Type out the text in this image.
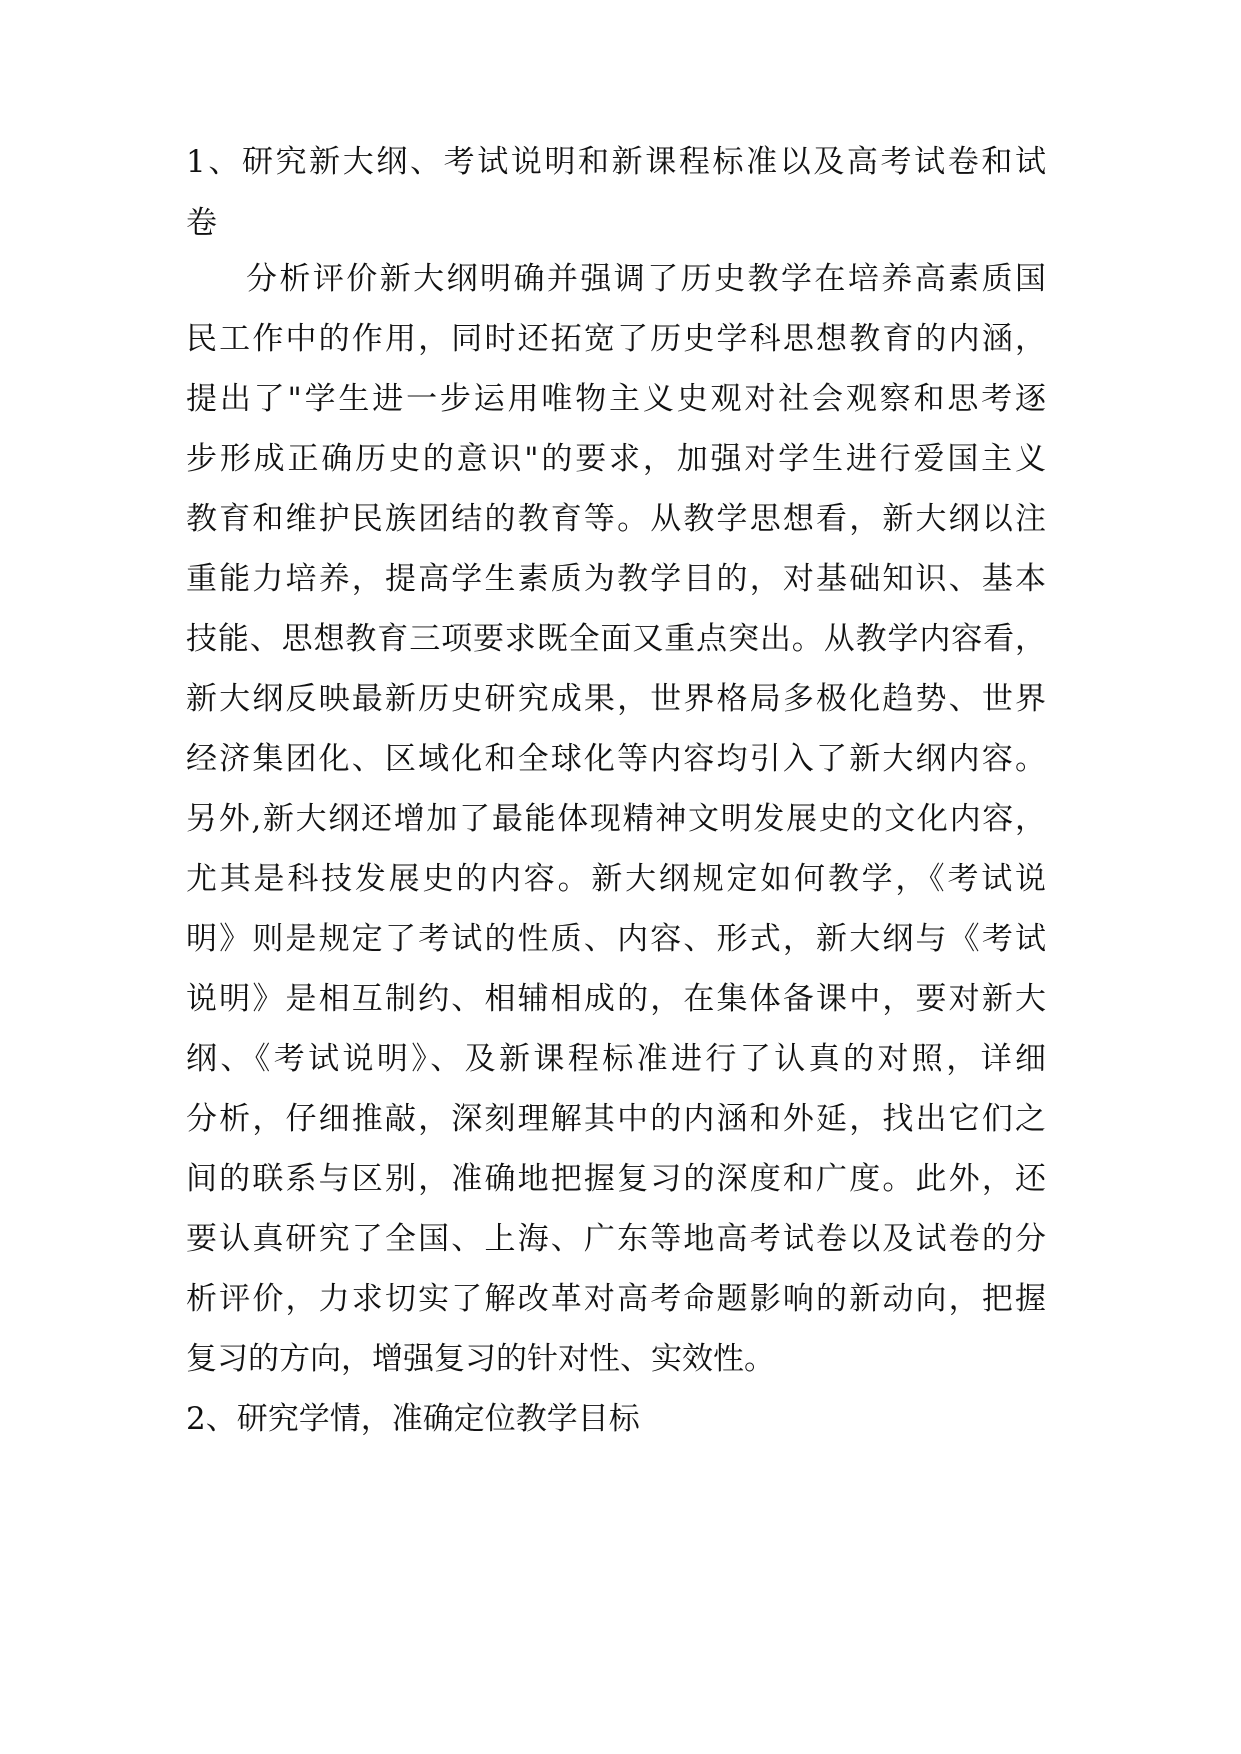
1、研究新大纲、考试说明和新课程标准以及高考试卷和试

卷

分析评价新大纲明确并强调了历史教学在培养高素质国

民工作中的作用，同时还拓宽了历史学科思想教育的内涵，

提出了"学生进一步运用唯物主义史观对社会观察和思考逐

步形成正确历史的意识"的要求，加强对学生进行爱国主义

教育和维护民族团结的教育等。从教学思想看，新大纲以注

重能力培养，提高学生素质为教学目的，对基础知识、基本

技能、思想教育三项要求既全面又重点突出。从教学内容看，

新大纲反映最新历史研究成果，世界格局多极化趋势、世界

经济集团化、区域化和全球化等内容均引入了新大纲内容。

另外,新大纲还增加了最能体现精神文明发展史的文化内容，

尤其是科技发展史的内容。新大纲规定如何教学，《考试说

明》则是规定了考试的性质、内容、形式，新大纲与《考试

说明》是相互制约、相辅相成的，在集体备课中，要对新大

纲、《考试说明》、及新课程标准进行了认真的对照，详细

分析，仔细推敲，深刻理解其中的内涵和外延，找出它们之

间的联系与区别，准确地把握复习的深度和广度。此外，还

要认真研究了全国、上海、广东等地高考试卷以及试卷的分

析评价，力求切实了解改革对高考命题影响的新动向，把握

复习的方向，增强复习的针对性、实效性。

2、研究学情，准确定位教学目标
